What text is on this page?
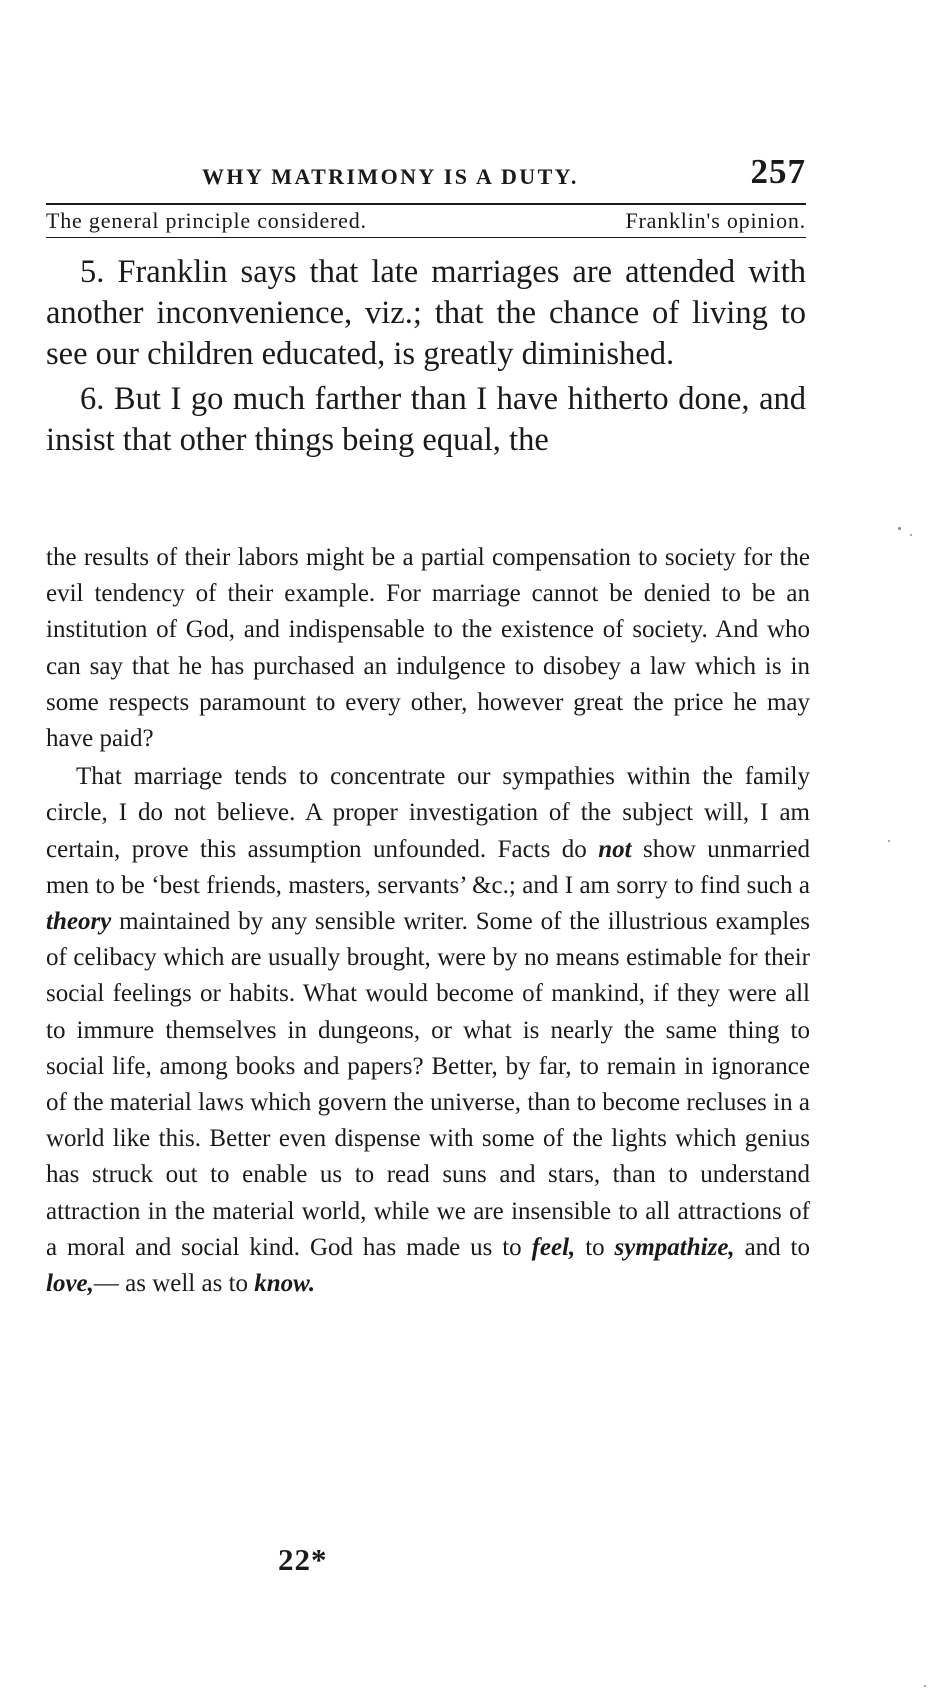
WHY MATRIMONY IS A DUTY.	257
The general principle considered.	Franklin's opinion.

5. Franklin says that late marriages are attended with another inconvenience, viz.; that the chance of living to see our children educated, is greatly diminished.

6. But I go much farther than I have hitherto done, and insist that other things being equal, the

the results of their labors might be a partial compensation to society for the evil tendency of their example. For marriage cannot be denied to be an institution of God, and indispensable to the existence of society. And who can say that he has purchased an indulgence to disobey a law which is in some respects paramount to every other, however great the price he may have paid?

That marriage tends to concentrate our sympathies within the family circle, I do not believe. A proper investigation of the subject will, I am certain, prove this assumption unfounded. Facts do not show unmarried men to be ‘best friends, masters, servants’ &c.; and I am sorry to find such a theory maintained by any sensible writer. Some of the illustrious examples of celibacy which are usually brought, were by no means estimable for their social feelings or habits. What would become of mankind, if they were all to immure themselves in dungeons, or what is nearly the same thing to social life, among books and papers? Better, by far, to remain in ignorance of the material laws which govern the universe, than to become recluses in a world like this. Better even dispense with some of the lights which genius has struck out to enable us to read suns and stars, than to understand attraction in the material world, while we are insensible to all attractions of a moral and social kind. God has made us to feel, to sympathize, and to love,— as well as to know.

22*
